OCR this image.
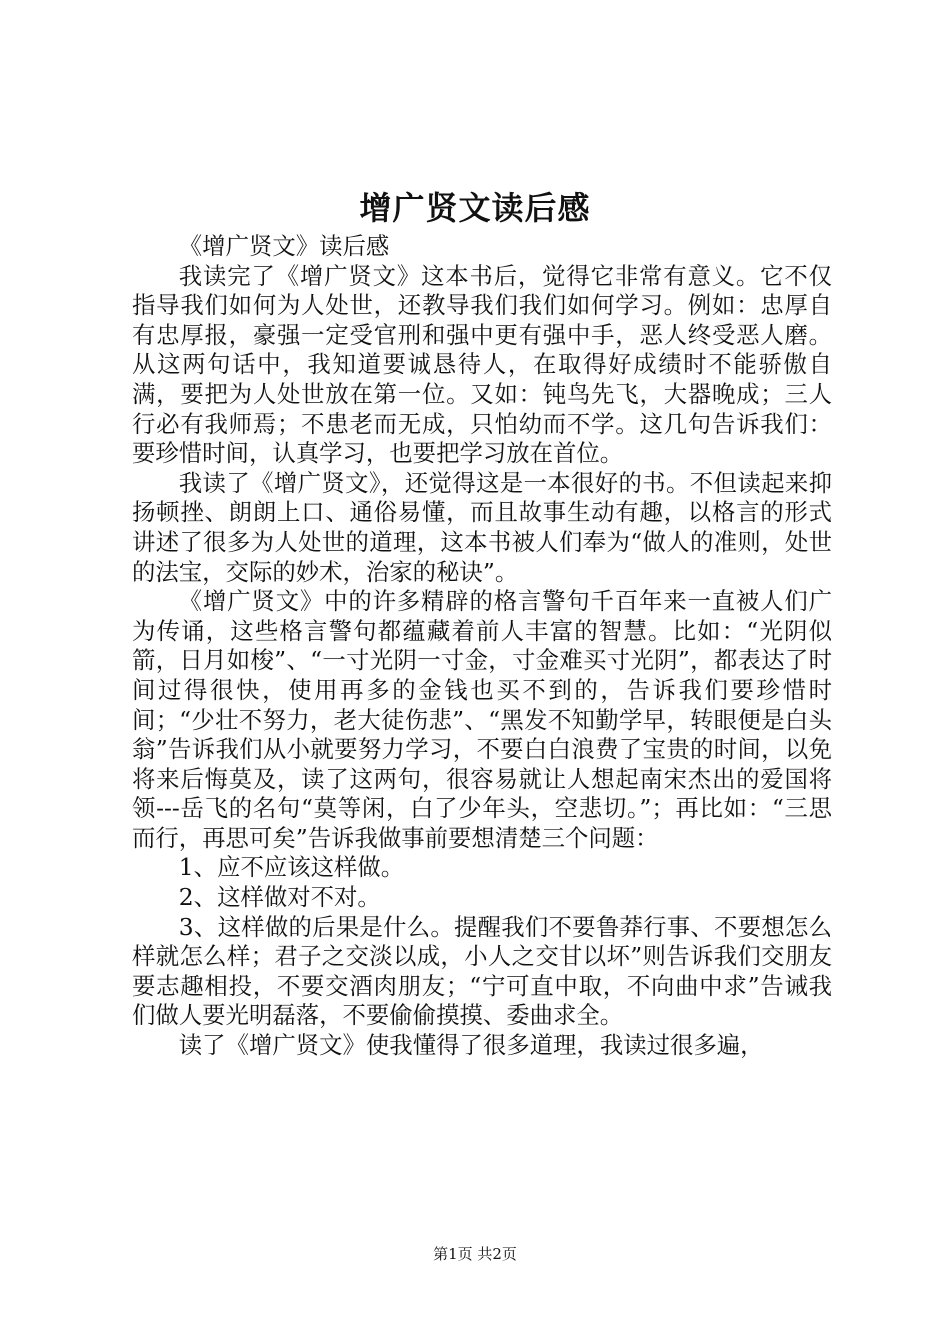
增广贤文读后感

《增广贤文》读后感

我读完了《增广贤文》这本书后，觉得它非常有意义。它不仅指导我们如何为人处世，还教导我们我们如何学习。例如：忠厚自有忠厚报，豪强一定受官刑和强中更有强中手，恶人终受恶人磨。从这两句话中，我知道要诚恳待人，在取得好成绩时不能骄傲自满，要把为人处世放在第一位。又如：钝鸟先飞，大器晚成；三人行必有我师焉；不患老而无成，只怕幼而不学。这几句告诉我们：要珍惜时间，认真学习，也要把学习放在首位。

我读了《增广贤文》，还觉得这是一本很好的书。不但读起来抑扬顿挫、朗朗上口、通俗易懂，而且故事生动有趣，以格言的形式讲述了很多为人处世的道理，这本书被人们奉为“做人的准则，处世的法宝，交际的妙术，治家的秘诀”。

《增广贤文》中的许多精辟的格言警句千百年来一直被人们广为传诵，这些格言警句都蕴藏着前人丰富的智慧。比如：“光阴似箭，日月如梭”、“一寸光阴一寸金，寸金难买寸光阴”，都表达了时间过得很快，使用再多的金钱也买不到的，告诉我们要珍惜时间；“少壮不努力，老大徒伤悲”、“黑发不知勤学早，转眼便是白头翁”告诉我们从小就要努力学习，不要白白浪费了宝贵的时间，以免将来后悔莫及，读了这两句，很容易就让人想起南宋杰出的爱国将领---岳飞的名句“莫等闲，白了少年头，空悲切。”；再比如：“三思而行，再思可矣”告诉我做事前要想清楚三个问题：

1、应不应该这样做。

2、这样做对不对。

3、这样做的后果是什么。提醒我们不要鲁莽行事、不要想怎么样就怎么样；君子之交淡以成，小人之交甘以坏”则告诉我们交朋友要志趣相投，不要交酒肉朋友；“宁可直中取，不向曲中求”告诫我们做人要光明磊落，不要偷偷摸摸、委曲求全。

读了《增广贤文》使我懂得了很多道理，我读过很多遍，

第1页 共2页
